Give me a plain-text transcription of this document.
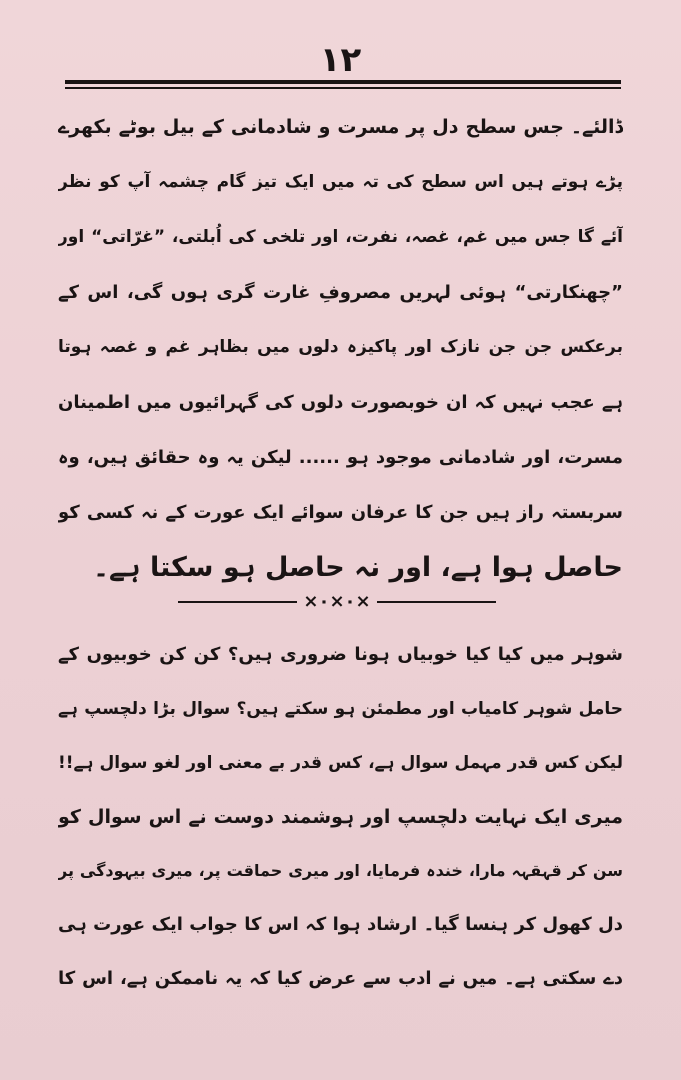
۱۲
ڈالئے۔ جس سطح دل پر مسرت و شادمانی کے بیل بوٹے بکھرے
پڑے ہوتے ہیں اس سطح کی تہ میں ایک تیز گام چشمہ آپ کو نظر
آئے گا جس میں غم، غصہ، نفرت، اور تلخی کی اُبلتی، ”غرّاتی“ اور
”چھنکارتی“ ہوئی لہریں مصروفِ غارت گری ہوں گی، اس کے
برعکس جن جن نازک اور پاکیزہ دلوں میں بظاہر غم و غصہ ہوتا
ہے عجب نہیں کہ ان خوبصورت دلوں کی گہرائیوں میں اطمینان
مسرت، اور شادمانی موجود ہو ...... لیکن یہ وہ حقائق ہیں، وہ
سربستہ راز ہیں جن کا عرفان سوائے ایک عورت کے نہ کسی کو
حاصل ہوا ہے، اور نہ حاصل ہو سکتا ہے۔
×۰×۰×
شوہر میں کیا کیا خوبیاں ہونا ضروری ہیں؟ کن کن خوبیوں کے
حامل شوہر کامیاب اور مطمئن ہو سکتے ہیں؟ سوال بڑا دلچسپ ہے
لیکن کس قدر مہمل سوال ہے، کس قدر بے معنی اور لغو سوال ہے!!
میری ایک نہایت دلچسپ اور ہوشمند دوست نے اس سوال کو
سن کر قہقہہ مارا، خندہ فرمایا، اور میری حماقت پر، میری بیہودگی پر
دل کھول کر ہنسا گیا۔ ارشاد ہوا کہ اس کا جواب ایک عورت ہی
دے سکتی ہے۔ میں نے ادب سے عرض کیا کہ یہ ناممکن ہے، اس کا
